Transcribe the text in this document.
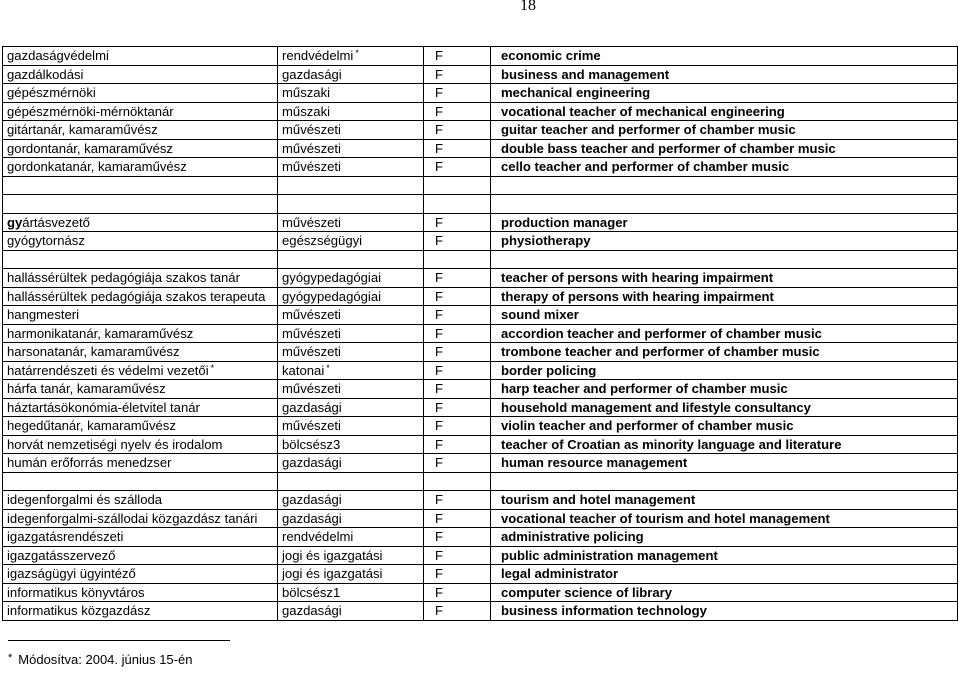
18
gazdaságvédelmi	rendvédelmi *	F	economic crime
gazdálkodási	gazdasági	F	business and management
gépészmérnöki	műszaki	F	mechanical engineering
gépészmérnöki-mérnöktanár	műszaki	F	vocational teacher of mechanical engineering
gitártanár, kamaraművész	művészeti	F	guitar teacher and performer of chamber music
gordontanár, kamaraművész	művészeti	F	double bass teacher and performer of chamber music
gordonkatanár, kamaraművész	művészeti	F	cello teacher and performer of chamber music

gyártásvezető	művészeti	F	production manager
gyógytornász	egészségügyi	F	physiotherapy

hallássérültek pedagógiája szakos tanár	gyógypedagógiai	F	teacher of persons with hearing impairment
hallássérültek pedagógiája szakos terapeuta	gyógypedagógiai	F	therapy of persons with hearing impairment
hangmesteri	művészeti	F	sound mixer
harmonikatanár, kamaraművész	művészeti	F	accordion teacher and performer of chamber music
harsonatanár, kamaraművész	művészeti	F	trombone teacher and performer of chamber music
határrendészeti és védelmi vezetői *	katonai *	F	border policing
hárfa tanár, kamaraművész	művészeti	F	harp teacher and performer of chamber music
háztartásökonómia-életvitel tanár	gazdasági	F	household management and lifestyle consultancy
hegedűtanár, kamaraművész	művészeti	F	violin teacher and performer of chamber music
horvát nemzetiségi nyelv és irodalom	bölcsész3	F	teacher of Croatian as minority language and literature
humán erőforrás menedzser	gazdasági	F	human resource management

idegenforgalmi és szálloda	gazdasági	F	tourism and hotel management
idegenforgalmi-szállodai közgazdász tanári	gazdasági	F	vocational teacher of tourism and hotel management
igazgatásrendészeti	rendvédelmi	F	administrative policing
igazgatásszervező	jogi és igazgatási	F	public administration management
igazságügyi ügyintéző	jogi és igazgatási	F	legal administrator
informatikus könyvtáros	bölcsész1	F	computer science of library
informatikus közgazdász	gazdasági	F	business information technology
* Módosítva: 2004. június 15-én
